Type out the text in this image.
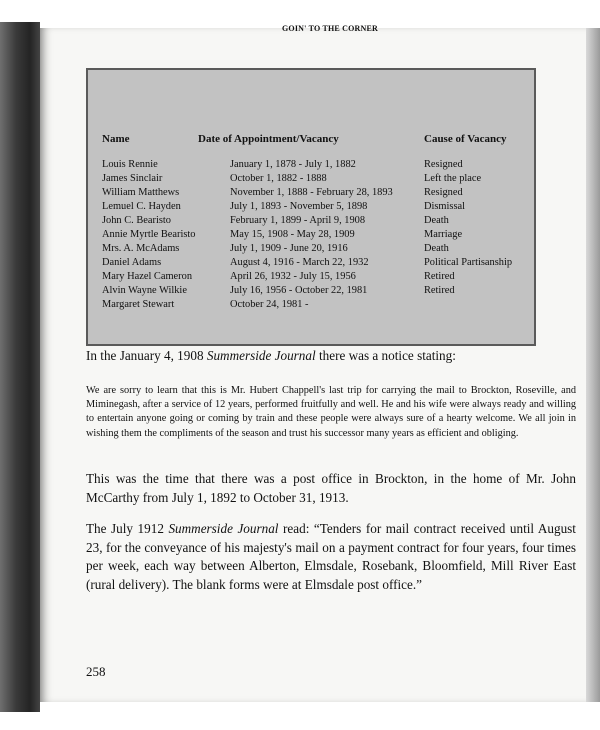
GOIN' TO THE CORNER
Name	Date of Appointment/Vacancy	Cause of Vacancy
Louis Rennie	January 1, 1878 - July 1, 1882	Resigned
James Sinclair	October 1, 1882 - 1888	Left the place
William Matthews	November 1, 1888 - February 28, 1893	Resigned
Lemuel C. Hayden	July 1, 1893 - November 5, 1898	Dismissal
John C. Bearisto	February 1, 1899 - April 9, 1908	Death
Annie Myrtle Bearisto	May 15, 1908 - May 28, 1909	Marriage
Mrs. A. McAdams	July 1, 1909 - June 20, 1916	Death
Daniel Adams	August 4, 1916 - March 22, 1932	Political Partisanship
Mary Hazel Cameron	April 26, 1932 - July 15, 1956	Retired
Alvin Wayne Wilkie	July 16, 1956 - October 22, 1981	Retired
Margaret Stewart	October 24, 1981 -
In the January 4, 1908 Summerside Journal there was a notice stating:
We are sorry to learn that this is Mr. Hubert Chappell's last trip for carrying the mail to Brockton, Roseville, and Miminegash, after a service of 12 years, performed fruitfully and well. He and his wife were always ready and willing to entertain anyone going or coming by train and these people were always sure of a hearty welcome. We all join in wishing them the compliments of the season and trust his successor many years as efficient and obliging.
This was the time that there was a post office in Brockton, in the home of Mr. John McCarthy from July 1, 1892 to October 31, 1913.
The July 1912 Summerside Journal read: “Tenders for mail contract received until August 23, for the conveyance of his majesty's mail on a payment contract for four years, four times per week, each way between Alberton, Elmsdale, Rosebank, Bloomfield, Mill River East (rural delivery). The blank forms were at Elmsdale post office.”
258
